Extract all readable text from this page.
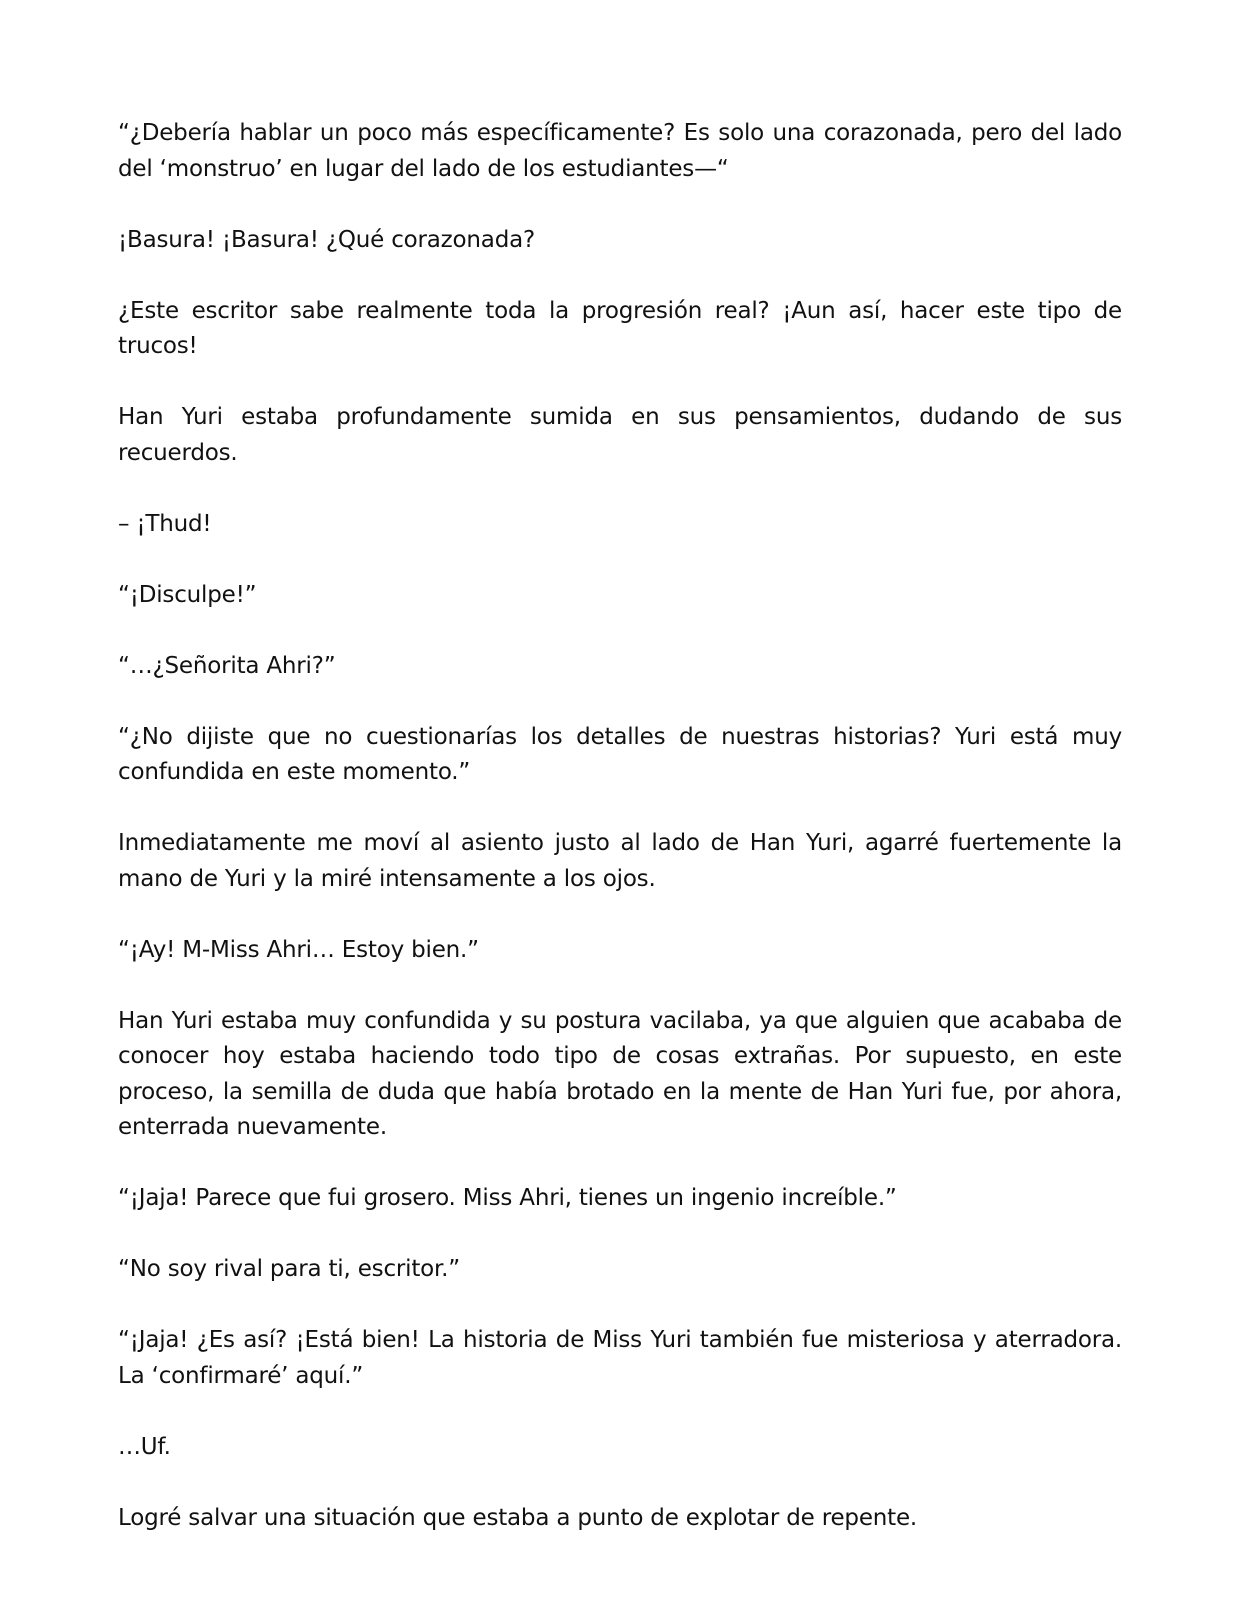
“¿Debería hablar un poco más específicamente? Es solo una corazonada, pero del lado del ‘monstruo’ en lugar del lado de los estudiantes—“

¡Basura! ¡Basura! ¿Qué corazonada?

¿Este escritor sabe realmente toda la progresión real? ¡Aun así, hacer este tipo de trucos!

Han Yuri estaba profundamente sumida en sus pensamientos, dudando de sus recuerdos.

– ¡Thud!

“¡Disculpe!”

“…¿Señorita Ahri?”

“¿No dijiste que no cuestionarías los detalles de nuestras historias? Yuri está muy confundida en este momento.”

Inmediatamente me moví al asiento justo al lado de Han Yuri, agarré fuertemente la mano de Yuri y la miré intensamente a los ojos.

“¡Ay! M-Miss Ahri… Estoy bien.”

Han Yuri estaba muy confundida y su postura vacilaba, ya que alguien que acababa de conocer hoy estaba haciendo todo tipo de cosas extrañas. Por supuesto, en este proceso, la semilla de duda que había brotado en la mente de Han Yuri fue, por ahora, enterrada nuevamente.

“¡Jaja! Parece que fui grosero. Miss Ahri, tienes un ingenio increíble.”

“No soy rival para ti, escritor.”

“¡Jaja! ¿Es así? ¡Está bien! La historia de Miss Yuri también fue misteriosa y aterradora. La ‘confirmaré’ aquí.”

…Uf.

Logré salvar una situación que estaba a punto de explotar de repente.
